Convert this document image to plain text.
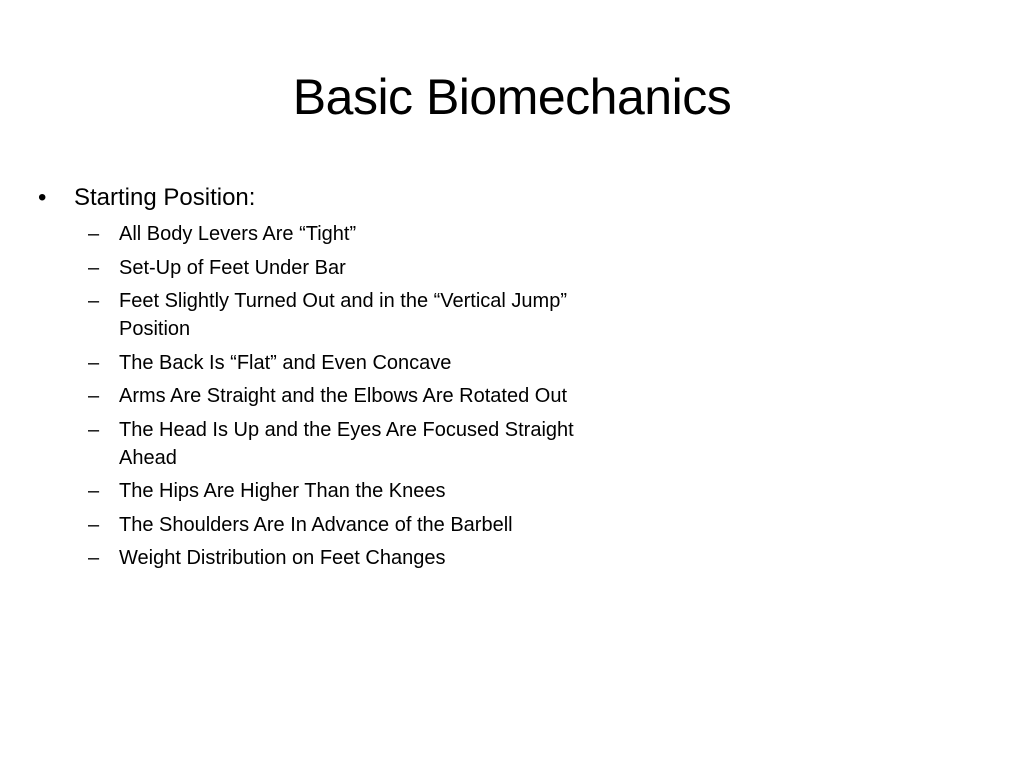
Basic Biomechanics
•	Starting Position:
– All Body Levers Are “Tight”
– Set-Up of Feet Under Bar
– Feet Slightly Turned Out and in the “Vertical Jump” Position
– The Back Is “Flat” and Even Concave
– Arms Are Straight and the Elbows Are Rotated Out
– The Head Is Up and the Eyes Are Focused Straight Ahead
– The Hips Are Higher Than the Knees
– The Shoulders Are In Advance of the Barbell
– Weight Distribution on Feet Changes
